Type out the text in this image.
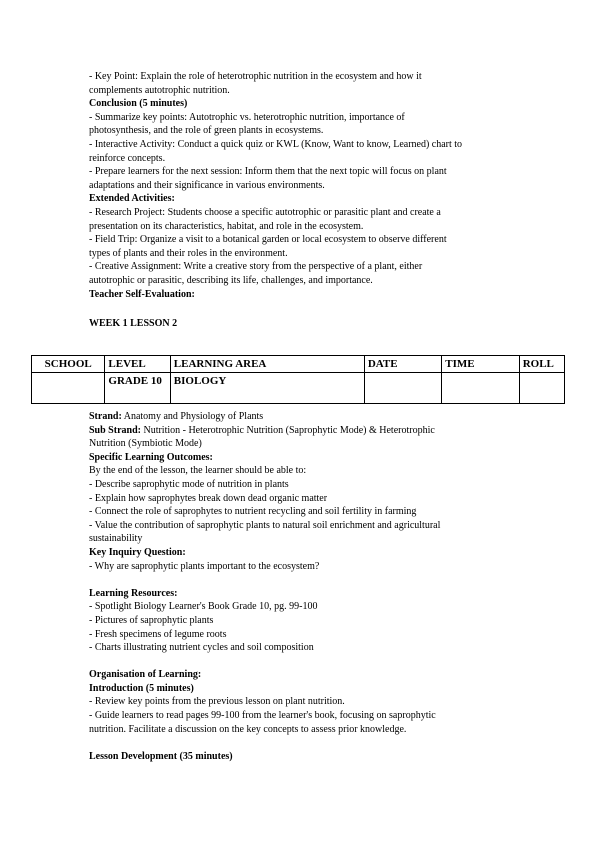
- Key Point: Explain the role of heterotrophic nutrition in the ecosystem and how it

complements autotrophic nutrition.

Conclusion (5 minutes)

- Summarize key points: Autotrophic vs. heterotrophic nutrition, importance of

photosynthesis, and the role of green plants in ecosystems.

- Interactive Activity: Conduct a quick quiz or KWL (Know, Want to know, Learned) chart to

reinforce concepts.

- Prepare learners for the next session: Inform them that the next topic will focus on plant

adaptations and their significance in various environments.

Extended Activities:

- Research Project: Students choose a specific autotrophic or parasitic plant and create a

presentation on its characteristics, habitat, and role in the ecosystem.

- Field Trip: Organize a visit to a botanical garden or local ecosystem to observe different

types of plants and their roles in the environment.

- Creative Assignment: Write a creative story from the perspective of a plant, either

autotrophic or parasitic, describing its life, challenges, and importance.

Teacher Self-Evaluation:

WEEK 1 LESSON 2
SCHOOL	LEVEL	LEARNING AREA	DATE	TIME	ROLL
	GRADE 10	BIOLOGY			

Strand: Anatomy and Physiology of Plants

Sub Strand: Nutrition - Heterotrophic Nutrition (Saprophytic Mode) & Heterotrophic

Nutrition (Symbiotic Mode)

Specific Learning Outcomes:

By the end of the lesson, the learner should be able to:

- Describe saprophytic mode of nutrition in plants

- Explain how saprophytes break down dead organic matter

- Connect the role of saprophytes to nutrient recycling and soil fertility in farming

- Value the contribution of saprophytic plants to natural soil enrichment and agricultural

sustainability

Key Inquiry Question:

- Why are saprophytic plants important to the ecosystem?

Learning Resources:

- Spotlight Biology Learner's Book Grade 10, pg. 99-100

- Pictures of saprophytic plants

- Fresh specimens of legume roots

- Charts illustrating nutrient cycles and soil composition

Organisation of Learning:

Introduction (5 minutes)

- Review key points from the previous lesson on plant nutrition.

- Guide learners to read pages 99-100 from the learner's book, focusing on saprophytic

nutrition. Facilitate a discussion on the key concepts to assess prior knowledge.

Lesson Development (35 minutes)
